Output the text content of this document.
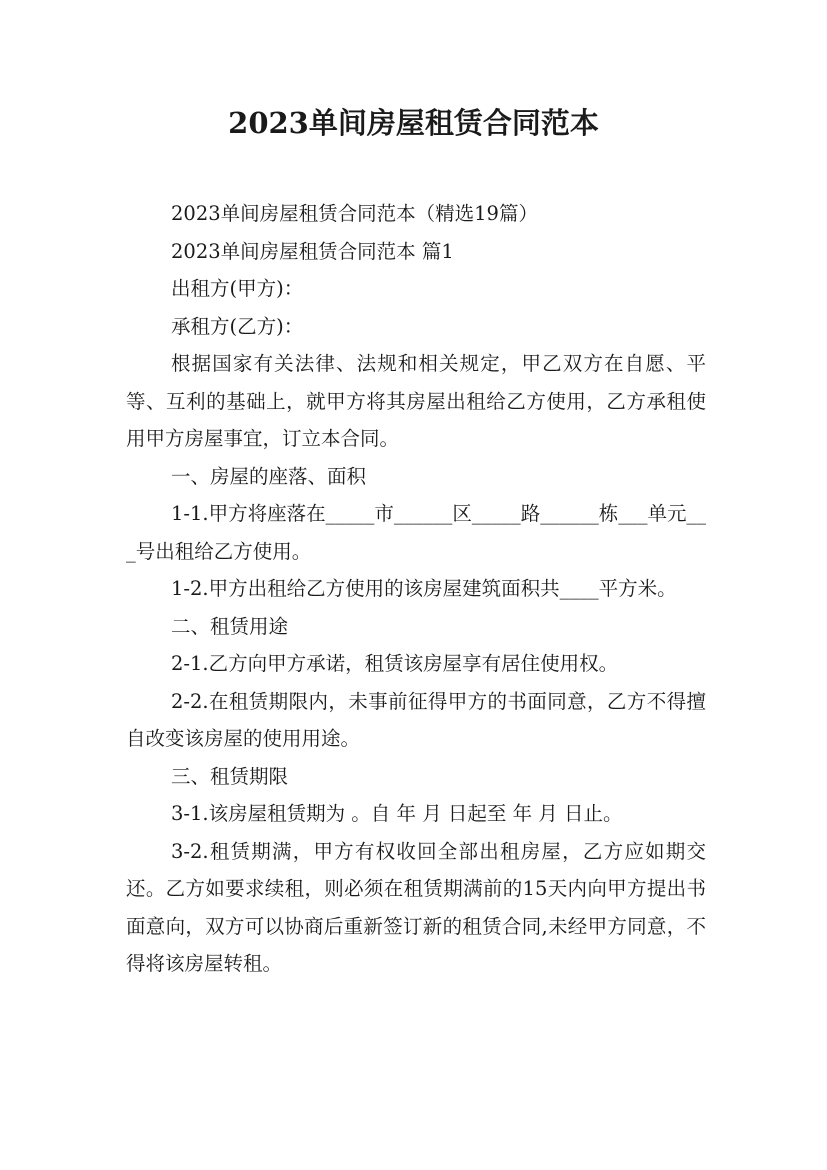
2023单间房屋租赁合同范本

2023单间房屋租赁合同范本（精选19篇）

2023单间房屋租赁合同范本 篇1

出租方(甲方)：

承租方(乙方)：

根据国家有关法律、法规和相关规定，甲乙双方在自愿、平等、互利的基础上，就甲方将其房屋出租给乙方使用，乙方承租使用甲方房屋事宜，订立本合同。

一、房屋的座落、面积

1-1.甲方将座落在_____市______区_____路______栋___单元___号出租给乙方使用。

1-2.甲方出租给乙方使用的该房屋建筑面积共____平方米。

二、租赁用途

2-1.乙方向甲方承诺，租赁该房屋享有居住使用权。

2-2.在租赁期限内，未事前征得甲方的书面同意，乙方不得擅自改变该房屋的使用用途。

三、租赁期限

3-1.该房屋租赁期为 。自 年 月 日起至 年 月 日止。

3-2.租赁期满，甲方有权收回全部出租房屋，乙方应如期交还。乙方如要求续租，则必须在租赁期满前的15天内向甲方提出书面意向，双方可以协商后重新签订新的租赁合同,未经甲方同意，不得将该房屋转租。
